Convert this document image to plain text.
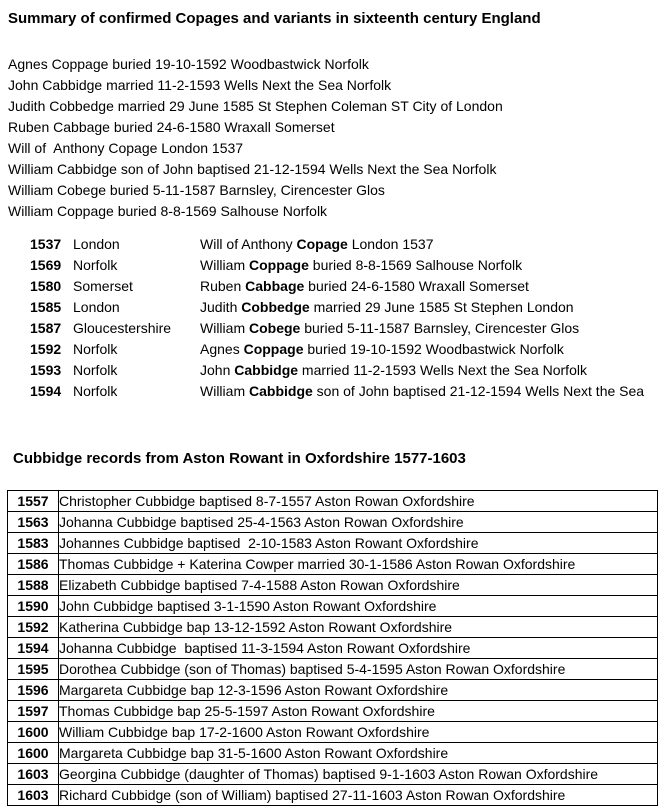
Summary of confirmed Copages and variants in sixteenth century England
Agnes Coppage buried 19-10-1592 Woodbastwick Norfolk
John Cabbidge married 11-2-1593 Wells Next the Sea Norfolk
Judith Cobbedge married 29 June 1585 St Stephen Coleman ST City of London
Ruben Cabbage buried 24-6-1580 Wraxall Somerset
Will of  Anthony Copage London 1537
William Cabbidge son of John baptised 21-12-1594 Wells Next the Sea Norfolk
William Cobege buried 5-11-1587 Barnsley, Cirencester Glos
William Coppage buried 8-8-1569 Salhouse Norfolk
1537 London	Will of Anthony Copage London 1537
1569 Norfolk	William Coppage buried 8-8-1569 Salhouse Norfolk
1580 Somerset	Ruben Cabbage buried 24-6-1580 Wraxall Somerset
1585 London	Judith Cobbedge married 29 June 1585 St Stephen London
1587 Gloucestershire	William Cobege buried 5-11-1587 Barnsley, Cirencester Glos
1592 Norfolk	Agnes Coppage buried 19-10-1592 Woodbastwick Norfolk
1593 Norfolk	John Cabbidge married 11-2-1593 Wells Next the Sea Norfolk
1594 Norfolk	William Cabbidge son of John baptised 21-12-1594 Wells Next the Sea
Cubbidge records from Aston Rowant in Oxfordshire 1577-1603
1557	Christopher Cubbidge baptised 8-7-1557 Aston Rowan Oxfordshire
1563	Johanna Cubbidge baptised 25-4-1563 Aston Rowan Oxfordshire
1583	Johannes Cubbidge baptised  2-10-1583 Aston Rowant Oxfordshire
1586	Thomas Cubbidge + Katerina Cowper married 30-1-1586 Aston Rowan Oxfordshire
1588	Elizabeth Cubbidge baptised 7-4-1588 Aston Rowan Oxfordshire
1590	John Cubbidge baptised 3-1-1590 Aston Rowant Oxfordshire
1592	Katherina Cubbidge bap 13-12-1592 Aston Rowant Oxfordshire
1594	Johanna Cubbidge  baptised 11-3-1594 Aston Rowant Oxfordshire
1595	Dorothea Cubbidge (son of Thomas) baptised 5-4-1595 Aston Rowan Oxfordshire
1596	Margareta Cubbidge bap 12-3-1596 Aston Rowant Oxfordshire
1597	Thomas Cubbidge bap 25-5-1597 Aston Rowant Oxfordshire
1600	William Cubbidge bap 17-2-1600 Aston Rowant Oxfordshire
1600	Margareta Cubbidge bap 31-5-1600 Aston Rowant Oxfordshire
1603	Georgina Cubbidge (daughter of Thomas) baptised 9-1-1603 Aston Rowan Oxfordshire
1603	Richard Cubbidge (son of William) baptised 27-11-1603 Aston Rowan Oxfordshire
